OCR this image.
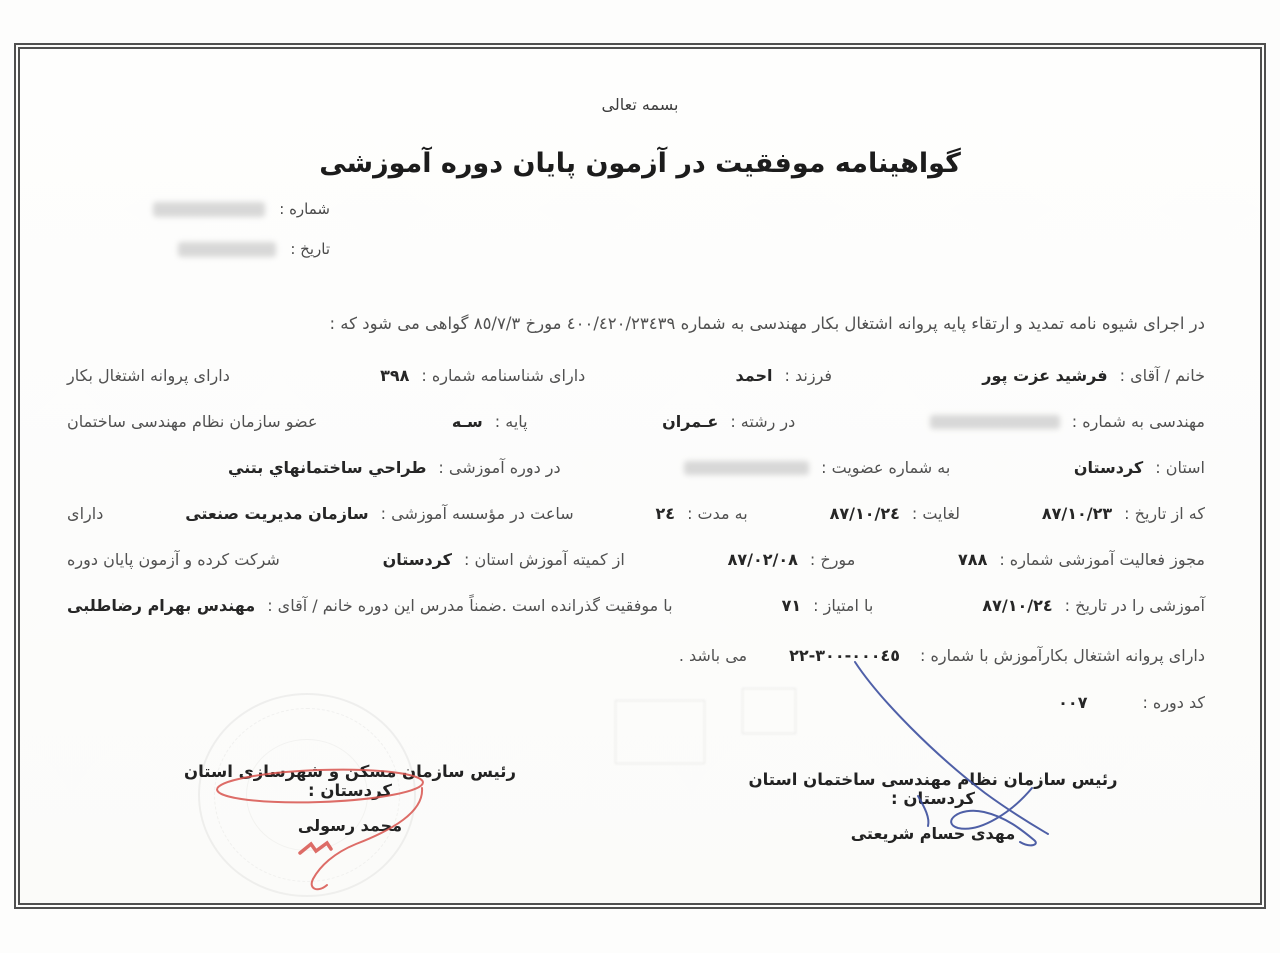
بسمه تعالی
گواهینامه موفقیت در آزمون پایان دوره آموزشی
شماره :
تاریخ :
در اجرای شیوه نامه تمدید و ارتقاء پایه پروانه اشتغال بکار مهندسی به شماره ٤٠٠/٤٢٠/٢٣٤٣٩ مورخ ٨٥/٧/٣ گواهی می شود که :
خانم / آقای :
فرشید عزت پور
فرزند :
احمد
دارای شناسنامه شماره :
٣٩٨
دارای پروانه اشتغال بکار
مهندسی به شماره :
در رشته :
عـمران
پایه :
سـه
عضو سازمان نظام مهندسی ساختمان
استان :
کردستان
به شماره عضویت :
در دوره آموزشی :
طراحي ساختمانهاي بتني
که از تاریخ :
٨٧/١٠/٢٣
لغایت :
٨٧/١٠/٢٤
به مدت :
٢٤
ساعت در مؤسسه آموزشی :
سازمان مدیریت صنعتی
دارای
مجوز فعالیت آموزشی شماره :
٧٨٨
مورخ :
٨٧/٠٢/٠٨
از کمیته آموزش استان :
کردستان
شرکت کرده و آزمون پایان دوره
آموزشی را در تاریخ :
٨٧/١٠/٢٤
با امتیاز :
٧١
با موفقیت گذرانده است .ضمناً مدرس این دوره خانم / آقای :
مهندس بهرام رضاطلبی
دارای پروانه اشتغال بکارآموزش با شماره :
٢٢-٣٠٠-٠٠٠٤٥
می باشد .
کد دوره :
٠٠٧
رئیس سازمان مسکن و شهرسازی استان کردستان :
محمد رسولی
رئیس سازمان نظام مهندسی ساختمان استان کردستان :
مهدی حسام شریعتی
